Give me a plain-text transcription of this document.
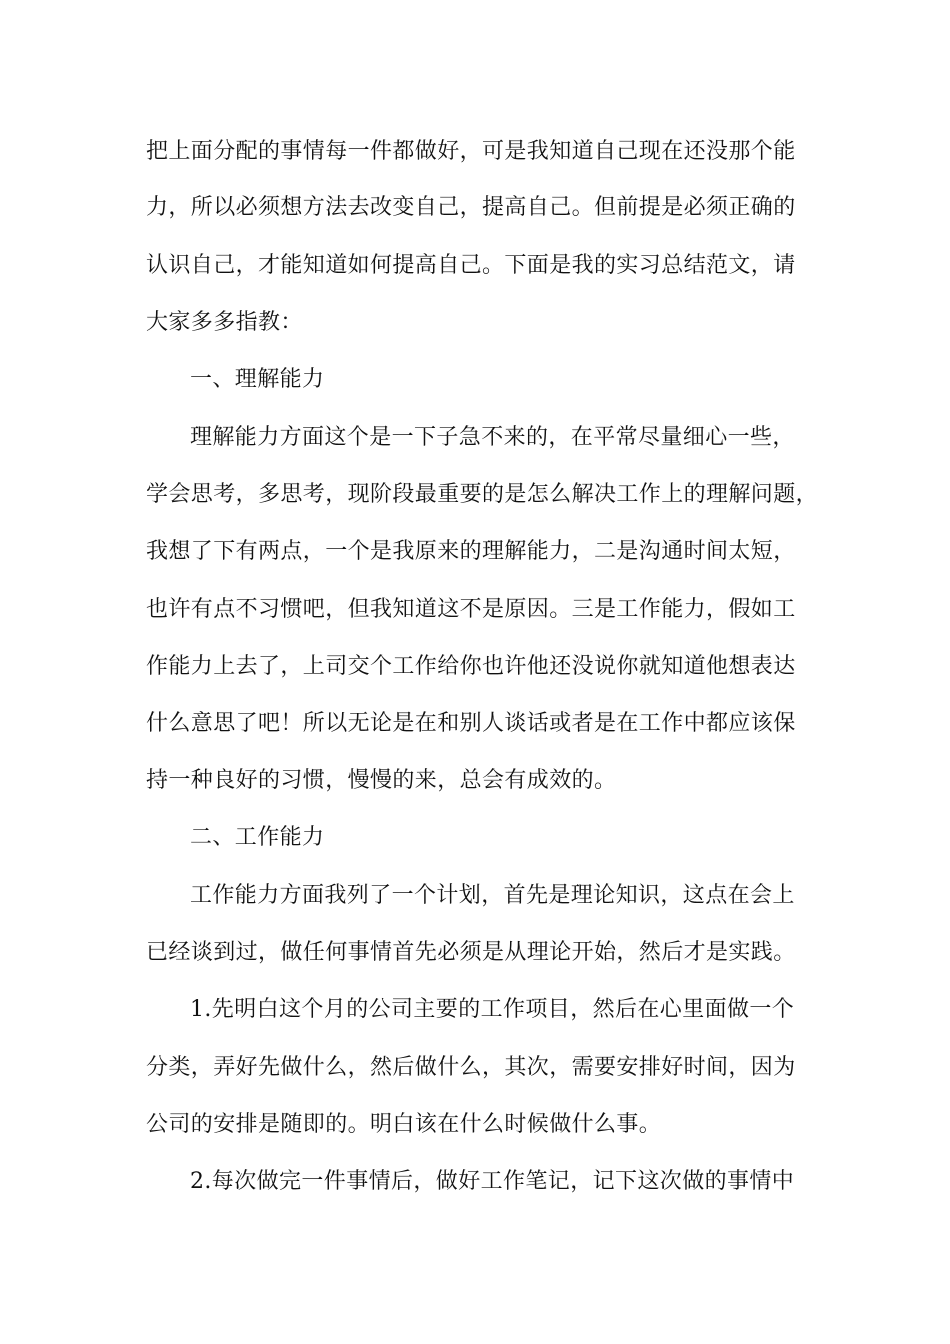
把上面分配的事情每一件都做好，可是我知道自己现在还没那个能
力，所以必须想方法去改变自己，提高自己。但前提是必须正确的
认识自己，才能知道如何提高自己。下面是我的实习总结范文，请
大家多多指教：
一、理解能力
理解能力方面这个是一下子急不来的，在平常尽量细心一些，
学会思考，多思考，现阶段最重要的是怎么解决工作上的理解问题，
我想了下有两点，一个是我原来的理解能力，二是沟通时间太短，
也许有点不习惯吧，但我知道这不是原因。三是工作能力，假如工
作能力上去了，上司交个工作给你也许他还没说你就知道他想表达
什么意思了吧！所以无论是在和别人谈话或者是在工作中都应该保
持一种良好的习惯，慢慢的来，总会有成效的。
二、工作能力
工作能力方面我列了一个计划，首先是理论知识，这点在会上
已经谈到过，做任何事情首先必须是从理论开始，然后才是实践。
1.先明白这个月的公司主要的工作项目，然后在心里面做一个
分类，弄好先做什么，然后做什么，其次，需要安排好时间，因为
公司的安排是随即的。明白该在什么时候做什么事。
2.每次做完一件事情后，做好工作笔记，记下这次做的事情中
